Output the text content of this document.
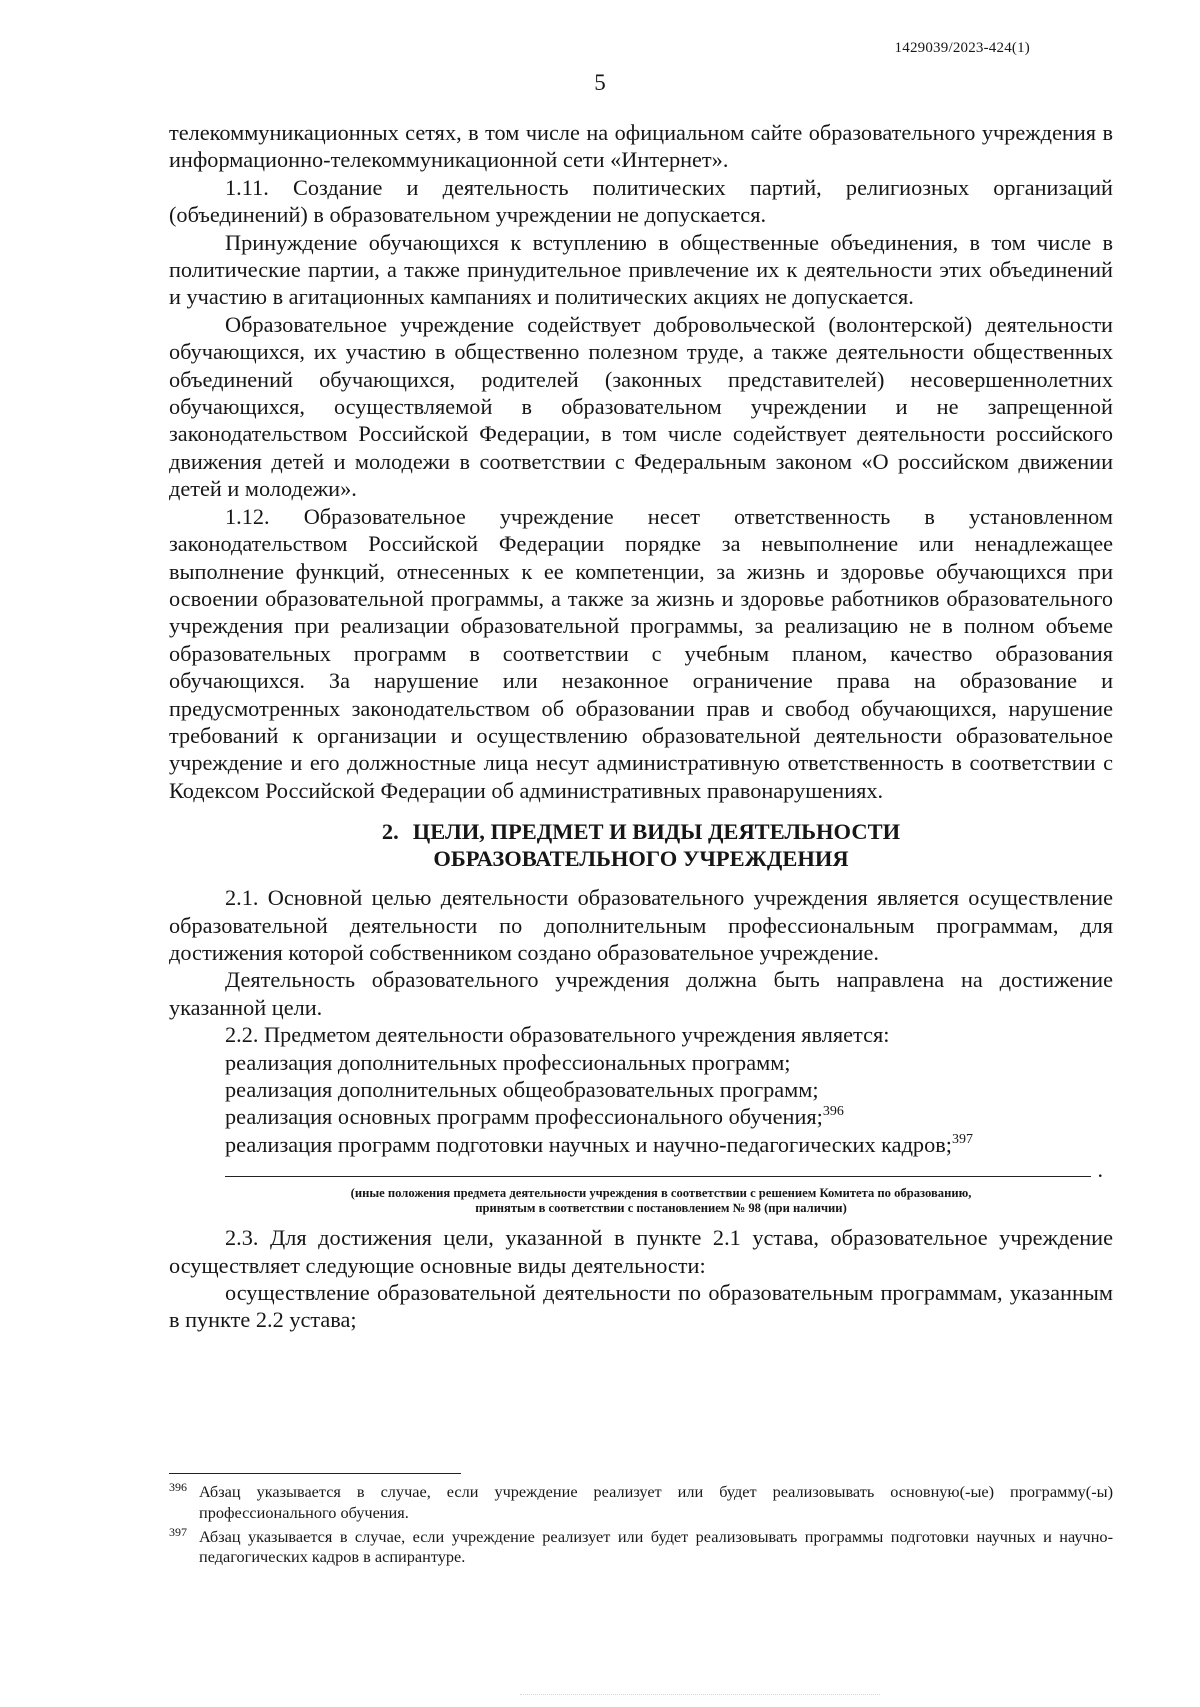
1429039/2023-424(1)
5

телекоммуникационных сетях, в том числе на официальном сайте образовательного учреждения в информационно-телекоммуникационной сети «Интернет».

1.11. Создание и деятельность политических партий, религиозных организаций (объединений) в образовательном учреждении не допускается.

Принуждение обучающихся к вступлению в общественные объединения, в том числе в политические партии, а также принудительное привлечение их к деятельности этих объединений и участию в агитационных кампаниях и политических акциях не допускается.

Образовательное учреждение содействует добровольческой (волонтерской) деятельности обучающихся, их участию в общественно полезном труде, а также деятельности общественных объединений обучающихся, родителей (законных представителей) несовершеннолетних обучающихся, осуществляемой в образовательном учреждении и не запрещенной законодательством Российской Федерации, в том числе содействует деятельности российского движения детей и молодежи в соответствии с Федеральным законом «О российском движении детей и молодежи».

1.12. Образовательное учреждение несет ответственность в установленном законодательством Российской Федерации порядке за невыполнение или ненадлежащее выполнение функций, отнесенных к ее компетенции, за жизнь и здоровье обучающихся при освоении образовательной программы, а также за жизнь и здоровье работников образовательного учреждения при реализации образовательной программы, за реализацию не в полном объеме образовательных программ в соответствии с учебным планом, качество образования обучающихся. За нарушение или незаконное ограничение права на образование и предусмотренных законодательством об образовании прав и свобод обучающихся, нарушение требований к организации и осуществлению образовательной деятельности образовательное учреждение и его должностные лица несут административную ответственность в соответствии с Кодексом Российской Федерации об административных правонарушениях.

2. ЦЕЛИ, ПРЕДМЕТ И ВИДЫ ДЕЯТЕЛЬНОСТИ
ОБРАЗОВАТЕЛЬНОГО УЧРЕЖДЕНИЯ

2.1. Основной целью деятельности образовательного учреждения является осуществление образовательной деятельности по дополнительным профессиональным программам, для достижения которой собственником создано образовательное учреждение.

Деятельность образовательного учреждения должна быть направлена на достижение указанной цели.

2.2. Предметом деятельности образовательного учреждения является:

реализация дополнительных профессиональных программ;

реализация дополнительных общеобразовательных программ;

реализация основных программ профессионального обучения;$^{396}$

реализация программ подготовки научных и научно-педагогических кадров;$^{397}$

.
(иные положения предмета деятельности учреждения в соответствии с решением Комитета по образованию,
принятым в соответствии с постановлением № 98 (при наличии)

2.3. Для достижения цели, указанной в пункте 2.1 устава, образовательное учреждение осуществляет следующие основные виды деятельности:

осуществление образовательной деятельности по образовательным программам, указанным в пункте 2.2 устава;

396 Абзац указывается в случае, если учреждение реализует или будет реализовывать основную(-ые) программу(-ы) профессионального обучения.
397 Абзац указывается в случае, если учреждение реализует или будет реализовывать программы подготовки научных и научно-педагогических кадров в аспирантуре.
